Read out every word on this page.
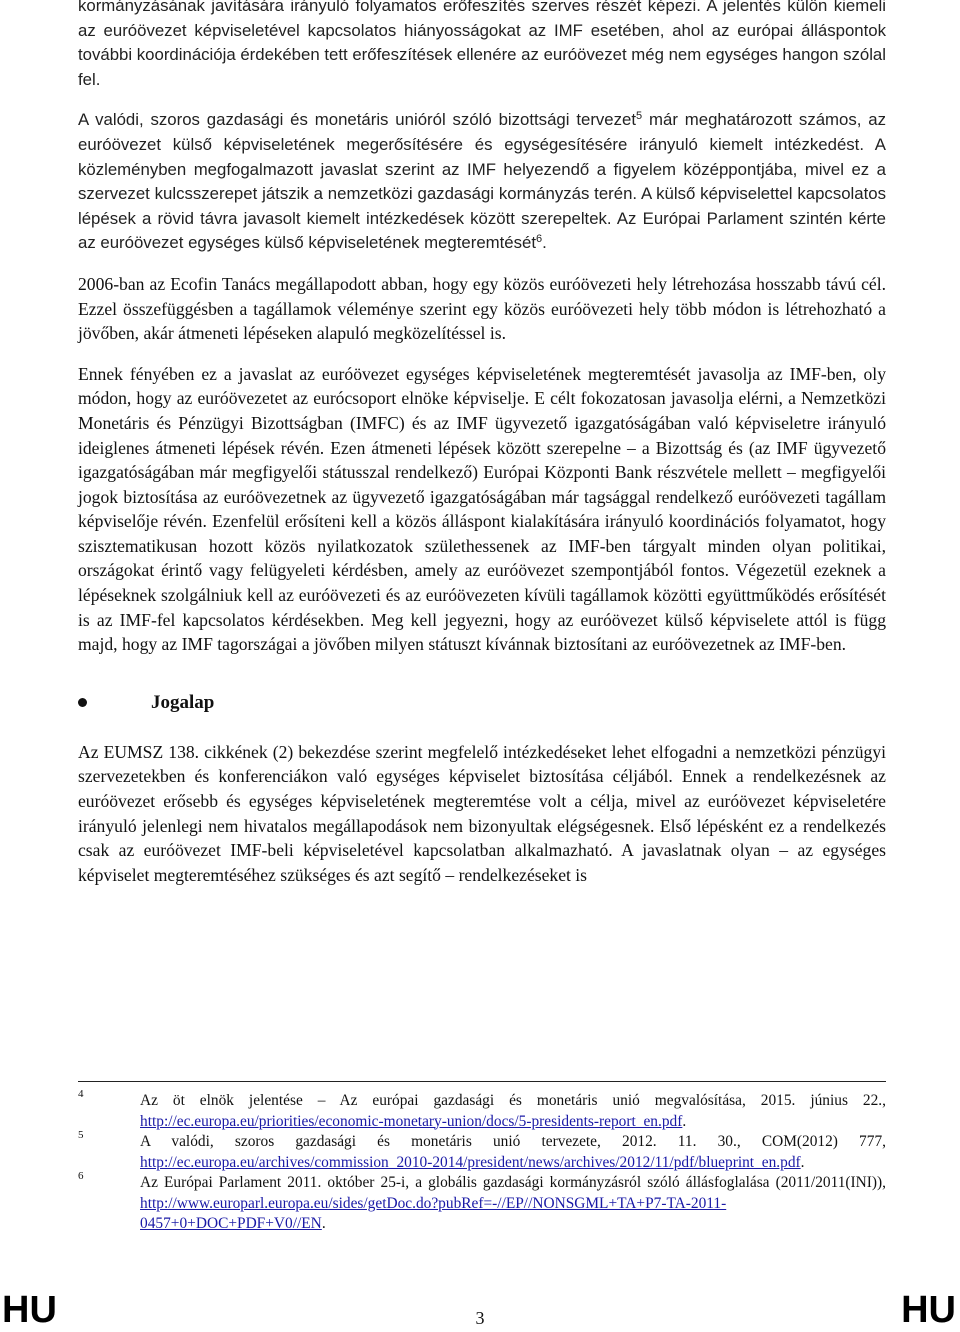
kormányzásának javítására irányuló folyamatos erőfeszítés szerves részét képezi. A jelentés külön kiemeli az euróövezet képviseletével kapcsolatos hiányosságokat az IMF esetében, ahol az európai álláspontok további koordinációja érdekében tett erőfeszítések ellenére az euróövezet még nem egységes hangon szólal fel.

A valódi, szoros gazdasági és monetáris unióról szóló bizottsági tervezet$^5$ már meghatározott számos, az euróövezet külső képviseletének megerősítésére és egységesítésére irányuló kiemelt intézkedést. A közleményben megfogalmazott javaslat szerint az IMF helyezendő a figyelem középpontjába, mivel ez a szervezet kulcsszerepet játszik a nemzetközi gazdasági kormányzás terén. A külső képviselettel kapcsolatos lépések a rövid távra javasolt kiemelt intézkedések között szerepeltek. Az Európai Parlament szintén kérte az euróövezet egységes külső képviseletének megteremtését$^6$.

2006-ban az Ecofin Tanács megállapodott abban, hogy egy közös euróövezeti hely létrehozása hosszabb távú cél. Ezzel összefüggésben a tagállamok véleménye szerint egy közös euróövezeti hely több módon is létrehozható a jövőben, akár átmeneti lépéseken alapuló megközelítéssel is.

Ennek fényében ez a javaslat az euróövezet egységes képviseletének megteremtését javasolja az IMF-ben, oly módon, hogy az euróövezetet az eurócsoport elnöke képviselje. E célt fokozatosan javasolja elérni, a Nemzetközi Monetáris és Pénzügyi Bizottságban (IMFC) és az IMF ügyvezető igazgatóságában való képviseletre irányuló ideiglenes átmeneti lépések révén. Ezen átmeneti lépések között szerepelne – a Bizottság és (az IMF ügyvezető igazgatóságában már megfigyelői státusszal rendelkező) Európai Központi Bank részvétele mellett – megfigyelői jogok biztosítása az euróövezetnek az ügyvezető igazgatóságában már tagsággal rendelkező euróövezeti tagállam képviselője révén. Ezenfelül erősíteni kell a közös álláspont kialakítására irányuló koordinációs folyamatot, hogy szisztematikusan hozott közös nyilatkozatok születhessenek az IMF-ben tárgyalt minden olyan politikai, országokat érintő vagy felügyeleti kérdésben, amely az euróövezet szempontjából fontos. Végezetül ezeknek a lépéseknek szolgálniuk kell az euróövezeti és az euróövezeten kívüli tagállamok közötti együttműködés erősítését is az IMF-fel kapcsolatos kérdésekben. Meg kell jegyezni, hogy az euróövezet külső képviselete attól is függ majd, hogy az IMF tagországai a jövőben milyen státuszt kívánnak biztosítani az euróövezetnek az IMF-ben.

Jogalap

Az EUMSZ 138. cikkének (2) bekezdése szerint megfelelő intézkedéseket lehet elfogadni a nemzetközi pénzügyi szervezetekben és konferenciákon való egységes képviselet biztosítása céljából. Ennek a rendelkezésnek az euróövezet erősebb és egységes képviseletének megteremtése volt a célja, mivel az euróövezet képviseletére irányuló jelenlegi nem hivatalos megállapodások nem bizonyultak elégségesnek. Első lépésként ez a rendelkezés csak az euróövezet IMF-beli képviseletével kapcsolatban alkalmazható. A javaslatnak olyan – az egységes képviselet megteremtéséhez szükséges és azt segítő – rendelkezéseket is

4	Az öt elnök jelentése – Az európai gazdasági és monetáris unió megvalósítása, 2015. június 22., http://ec.europa.eu/priorities/economic-monetary-union/docs/5-presidents-report_en.pdf.
5	A valódi, szoros gazdasági és monetáris unió tervezete, 2012. 11. 30., COM(2012) 777, http://ec.europa.eu/archives/commission_2010-2014/president/news/archives/2012/11/pdf/blueprint_en.pdf.
6	Az Európai Parlament 2011. október 25-i, a globális gazdasági kormányzásról szóló állásfoglalása (2011/2011(INI)), http://www.europarl.europa.eu/sides/getDoc.do?pubRef=-//EP//NONSGML+TA+P7-TA-2011-0457+0+DOC+PDF+V0//EN.
HU	3	HU
